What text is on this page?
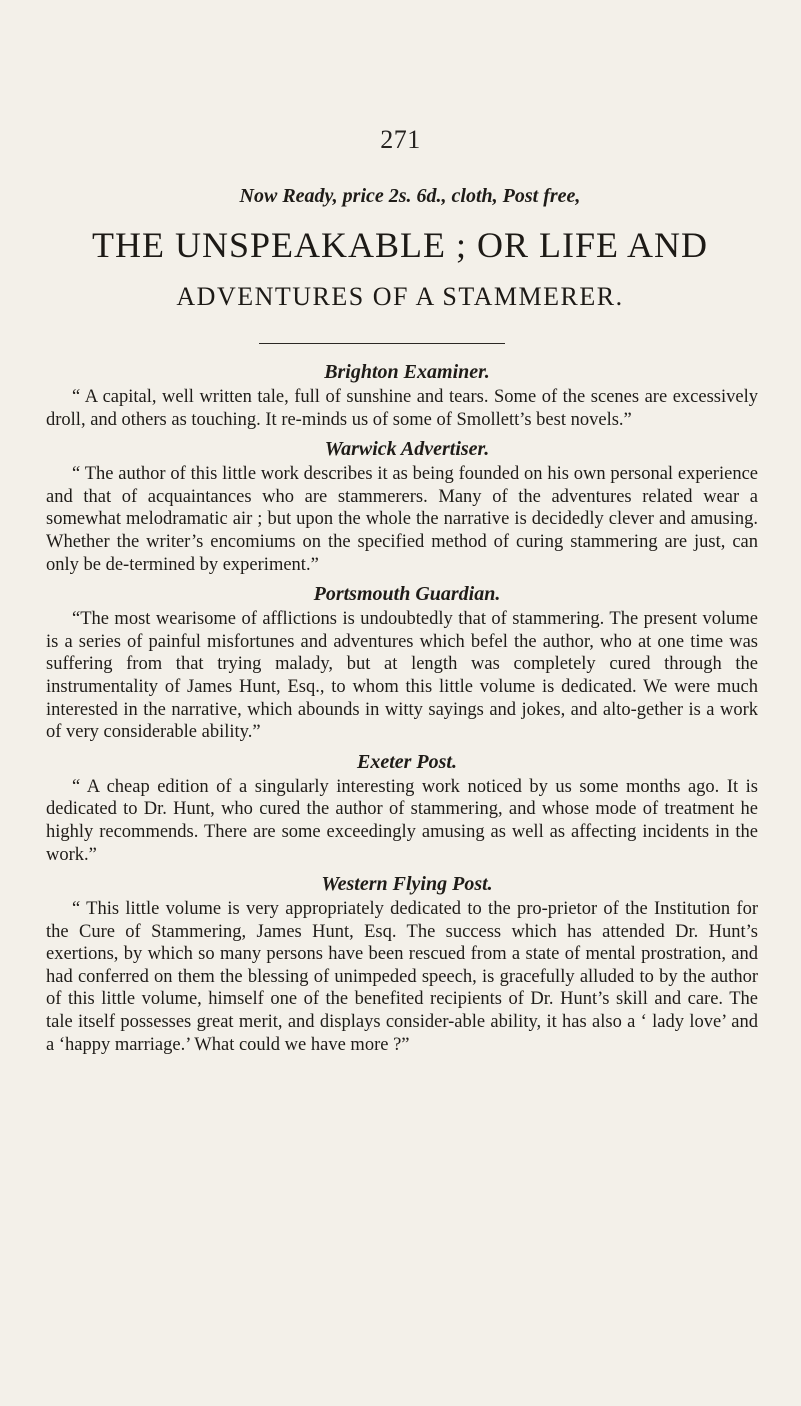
271
Now Ready, price 2s. 6d., cloth, Post free,
THE UNSPEAKABLE ; OR LIFE AND
ADVENTURES OF A STAMMERER.
Brighton Examiner.

“ A capital, well written tale, full of sunshine and tears. Some of the scenes are excessively droll, and others as touching. It re-minds us of some of Smollett’s best novels.”

Warwick Advertiser.

“ The author of this little work describes it as being founded on his own personal experience and that of acquaintances who are stammerers. Many of the adventures related wear a somewhat melodramatic air ; but upon the whole the narrative is decidedly clever and amusing. Whether the writer’s encomiums on the specified method of curing stammering are just, can only be de-termined by experiment.”

Portsmouth Guardian.

“The most wearisome of afflictions is undoubtedly that of stammering. The present volume is a series of painful misfortunes and adventures which befel the author, who at one time was suffering from that trying malady, but at length was completely cured through the instrumentality of James Hunt, Esq., to whom this little volume is dedicated. We were much interested in the narrative, which abounds in witty sayings and jokes, and alto-gether is a work of very considerable ability.”

Exeter Post.

“ A cheap edition of a singularly interesting work noticed by us some months ago. It is dedicated to Dr. Hunt, who cured the author of stammering, and whose mode of treatment he highly recommends. There are some exceedingly amusing as well as affecting incidents in the work.”

Western Flying Post.

“ This little volume is very appropriately dedicated to the pro-prietor of the Institution for the Cure of Stammering, James Hunt, Esq. The success which has attended Dr. Hunt’s exertions, by which so many persons have been rescued from a state of mental prostration, and had conferred on them the blessing of unimpeded speech, is gracefully alluded to by the author of this little volume, himself one of the benefited recipients of Dr. Hunt’s skill and care. The tale itself possesses great merit, and displays consider-able ability, it has also a ‘ lady love’ and a ‘happy marriage.’ What could we have more ?”
